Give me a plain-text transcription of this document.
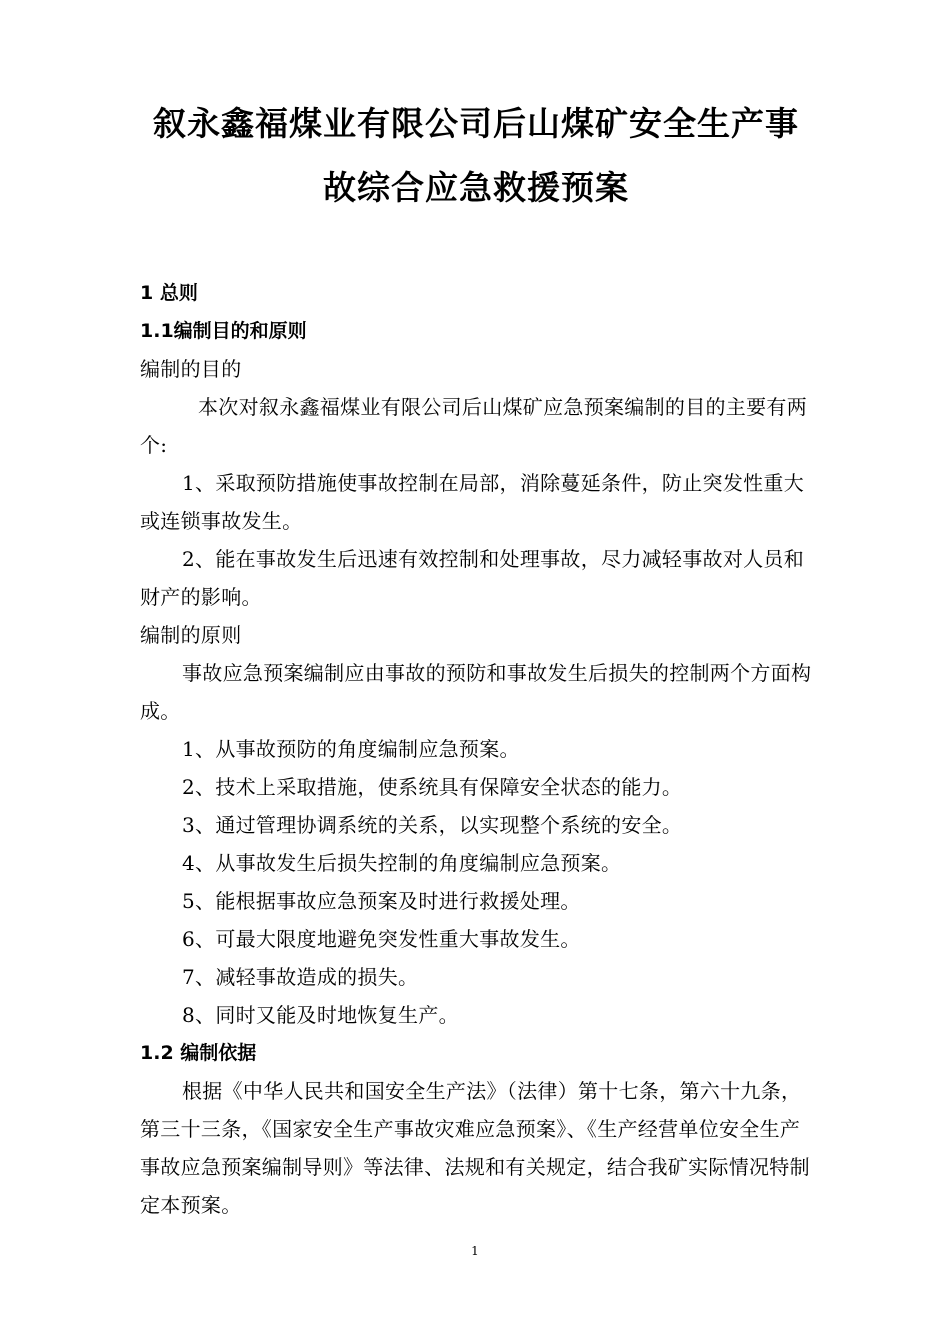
叙永鑫福煤业有限公司后山煤矿安全生产事
故综合应急救援预案

1 总则

1.1编制目的和原则

编制的目的

本次对叙永鑫福煤业有限公司后山煤矿应急预案编制的目的主要有两个:

1、采取预防措施使事故控制在局部，消除蔓延条件，防止突发性重大或连锁事故发生。

2、能在事故发生后迅速有效控制和处理事故，尽力减轻事故对人员和财产的影响。

编制的原则

事故应急预案编制应由事故的预防和事故发生后损失的控制两个方面构成。

1、从事故预防的角度编制应急预案。

2、技术上采取措施，使系统具有保障安全状态的能力。

3、通过管理协调系统的关系，以实现整个系统的安全。

4、从事故发生后损失控制的角度编制应急预案。

5、能根据事故应急预案及时进行救援处理。

6、可最大限度地避免突发性重大事故发生。

7、减轻事故造成的损失。

8、同时又能及时地恢复生产。

1.2 编制依据

根据《中华人民共和国安全生产法》（法律）第十七条，第六十九条，第三十三条，《国家安全生产事故灾难应急预案》、《生产经营单位安全生产事故应急预案编制导则》等法律、法规和有关规定，结合我矿实际情况特制定本预案。

1
